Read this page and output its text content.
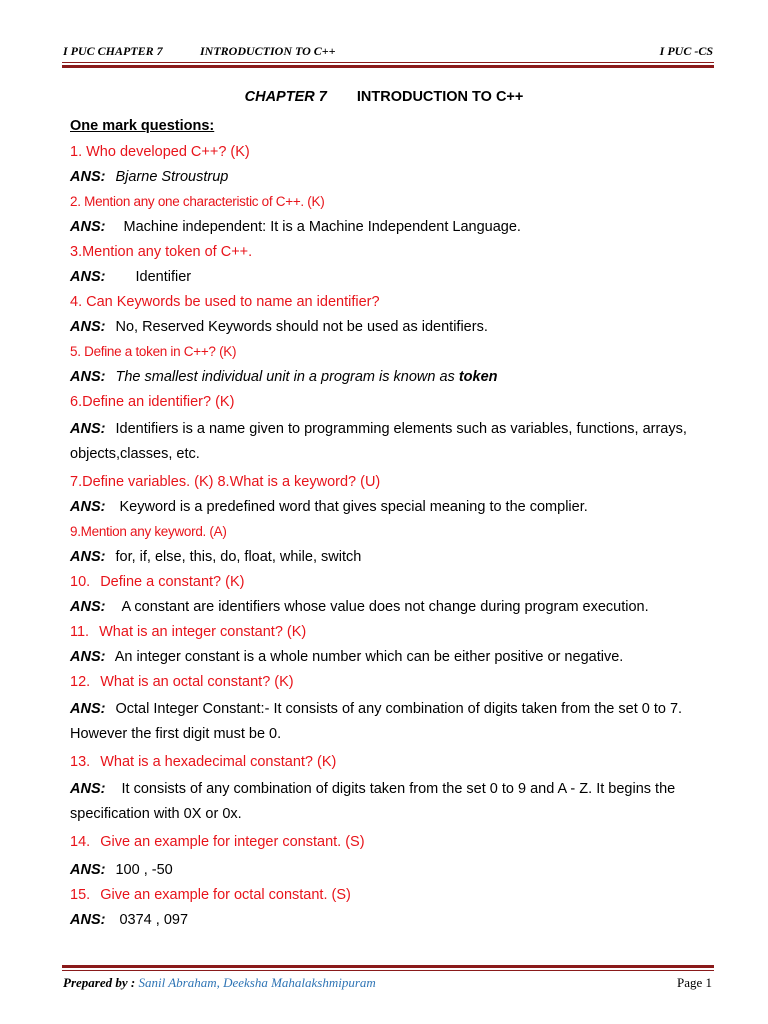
I PUC CHAPTER 7	INTRODUCTION TO C++	I PUC -CS
CHAPTER 7 INTRODUCTION TO C++
One mark questions:
1. Who developed C++? (K)
ANS: Bjarne Stroustrup
2. Mention any one characteristic of C++. (K)
ANS: Machine independent: It is a Machine Independent Language.
3.Mention any token of C++.
ANS: Identifier
4. Can Keywords be used to name an identifier?
ANS: No, Reserved Keywords should not be used as identifiers.
5. Define a token in C++? (K)
ANS: The smallest individual unit in a program is known as token
6.Define an identifier? (K)
ANS: Identifiers is a name given to programming elements such as variables, functions, arrays, objects,classes, etc.
7.Define variables. (K) 8.What is a keyword? (U)
ANS: Keyword is a predefined word that gives special meaning to the complier.
9.Mention any keyword. (A)
ANS: for, if, else, this, do, float, while, switch
10. Define a constant? (K)
ANS: A constant are identifiers whose value does not change during program execution.
11. What is an integer constant? (K)
ANS: An integer constant is a whole number which can be either positive or negative.
12. What is an octal constant? (K)
ANS: Octal Integer Constant:- It consists of any combination of digits taken from the set 0 to 7. However the first digit must be 0.
13. What is a hexadecimal constant? (K)
ANS: It consists of any combination of digits taken from the set 0 to 9 and A - Z. It begins the specification with 0X or 0x.
14. Give an example for integer constant. (S)
ANS: 100 , -50
15. Give an example for octal constant. (S)
ANS: 0374 , 097
Prepared by : Sanil Abraham, Deeksha Mahalakshmipuram	Page 1
